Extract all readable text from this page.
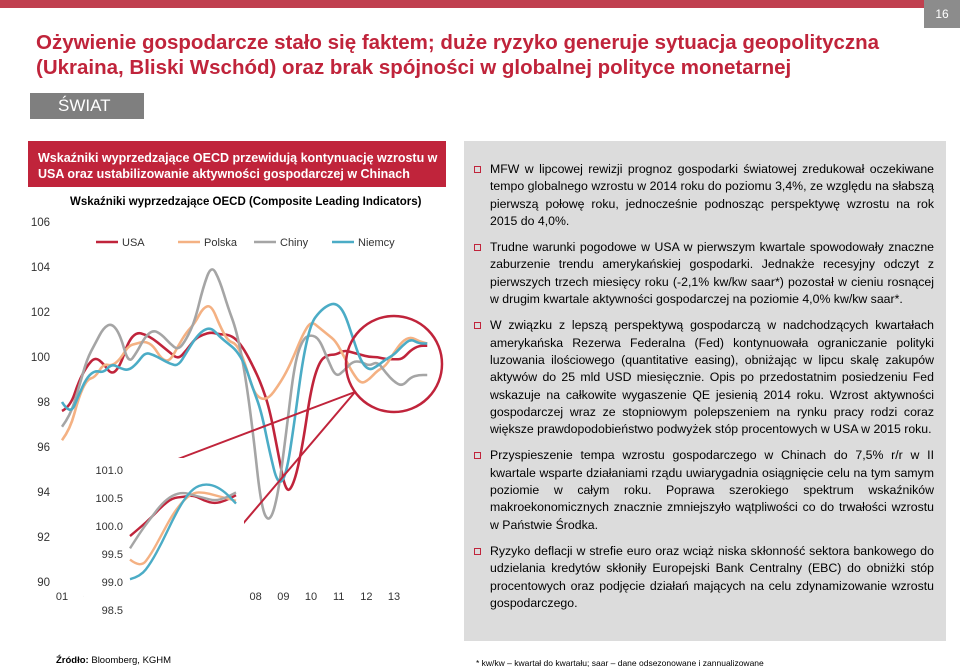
16
Ożywienie gospodarcze stało się faktem; duże ryzyko generuje sytuacja geopolityczna
(Ukraina, Bliski Wschód) oraz brak spójności w globalnej polityce monetarnej
ŚWIAT
Wskaźniki wyprzedzające OECD przewidują kontynuację wzrostu w
USA oraz ustabilizowanie aktywności gospodarczej w Chinach	MFW w lipcowej rewizji prognoz gospodarki światowej zredukował oczekiwane tempo globalnego wzrostu w 2014 roku do poziomu 3,4%, ze względu na słabszą pierwszą połowę roku, jednocześnie podnosząc perspektywę wzrostu na rok 2015 do 4,0%.
Trudne warunki pogodowe w USA w pierwszym kwartale spowodowały znaczne zaburzenie trendu amerykańskiej gospodarki. Jednakże recesyjny odczyt z pierwszych trzech miesięcy roku (-2,1% kw/kw saar*) pozostał w cieniu rosnącej w drugim kwartale aktywności gospodarczej na poziomie 4,0% kw/kw saar*.
W związku z lepszą perspektywą gospodarczą w nadchodzących kwartałach amerykańska Rezerwa Federalna (Fed) kontynuowała ograniczanie polityki luzowania ilościowego (quantitative easing), obniżając w lipcu skalę zakupów aktywów do 25 mld USD miesięcznie. Opis po przedostatnim posiedzeniu Fed wskazuje na całkowite wygaszenie QE jesienią 2014 roku. Wzrost aktywności gospodarczej wraz ze stopniowym polepszeniem na rynku pracy rodzi coraz większe prawdopodobieństwo podwyżek stóp procentowych w USA w 2015 roku.
Przyspieszenie tempa wzrostu gospodarczego w Chinach do 7,5% r/r w II kwartale wsparte działaniami rządu uwiarygadnia osiągnięcie celu na tym samym poziomie w całym roku. Poprawa szerokiego spektrum wskaźników makroekonomicznych znacznie zmniejszyło wątpliwości co do trwałości wzrostu w Państwie Środka.
Ryzyko deflacji w strefie euro oraz wciąż niska skłonność sektora bankowego do udzielania kredytów skłoniły Europejski Bank Centralny (EBC) do obniżki stóp procentowych oraz podjęcie działań mających na celu zdynamizowanie wzrostu gospodarczego.
Wskaźniki wyprzedzające OECD (Composite Leading Indicators)
106
104
102
100
98
96
94
92
90
01	08 09 10 11 12 13
USA	Polska	Chiny	Niemcy
101.0
100.5
100.0
99.5
99.0
98.5
Źródło: Bloomberg, KGHM	* kw/kw – kwartał do kwartału; saar – dane odsezonowane i zannualizowane
